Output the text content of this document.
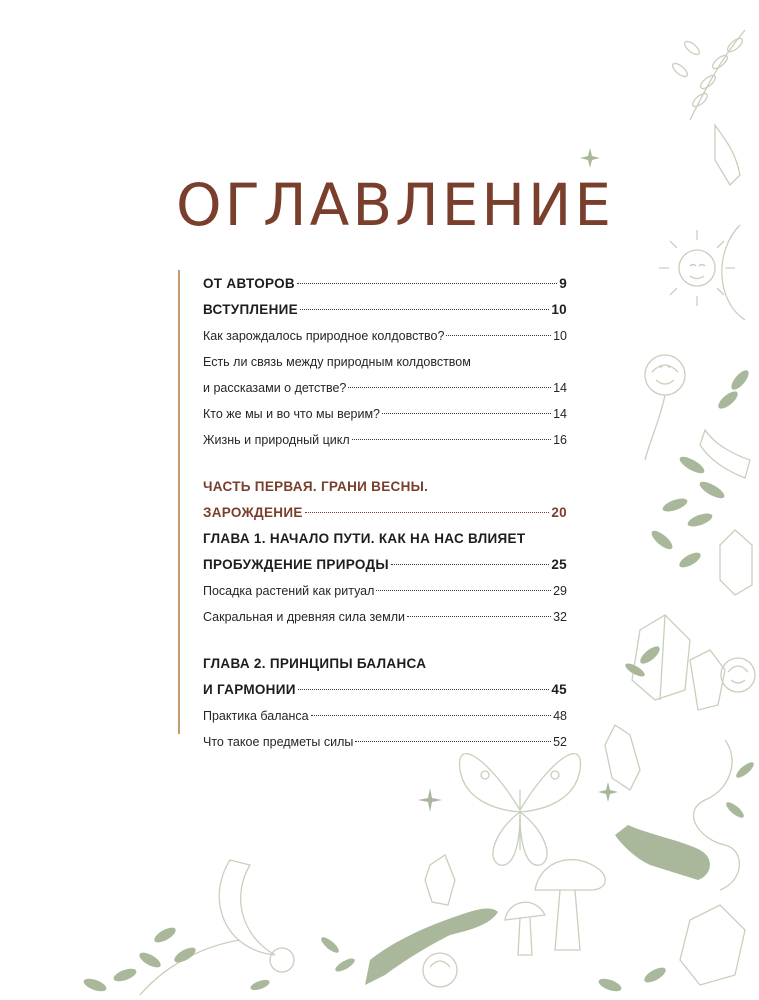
ОГЛАВЛЕНИЕ
ОТ АВТОРОВ	9
ВСТУПЛЕНИЕ	10
Как зарождалось природное колдовство?	10
Есть ли связь между природным колдовством
и рассказами о детстве?	14
Кто же мы и во что мы верим?	14
Жизнь и природный цикл	16
ЧАСТЬ ПЕРВАЯ. ГРАНИ ВЕСНЫ.
ЗАРОЖДЕНИЕ	20
ГЛАВА 1. НАЧАЛО ПУТИ. КАК НА НАС ВЛИЯЕТ
ПРОБУЖДЕНИЕ ПРИРОДЫ	25
Посадка растений как ритуал	29
Сакральная и древняя сила земли	32
ГЛАВА 2. ПРИНЦИПЫ БАЛАНСА
И ГАРМОНИИ	45
Практика баланса	48
Что такое предметы силы	52
